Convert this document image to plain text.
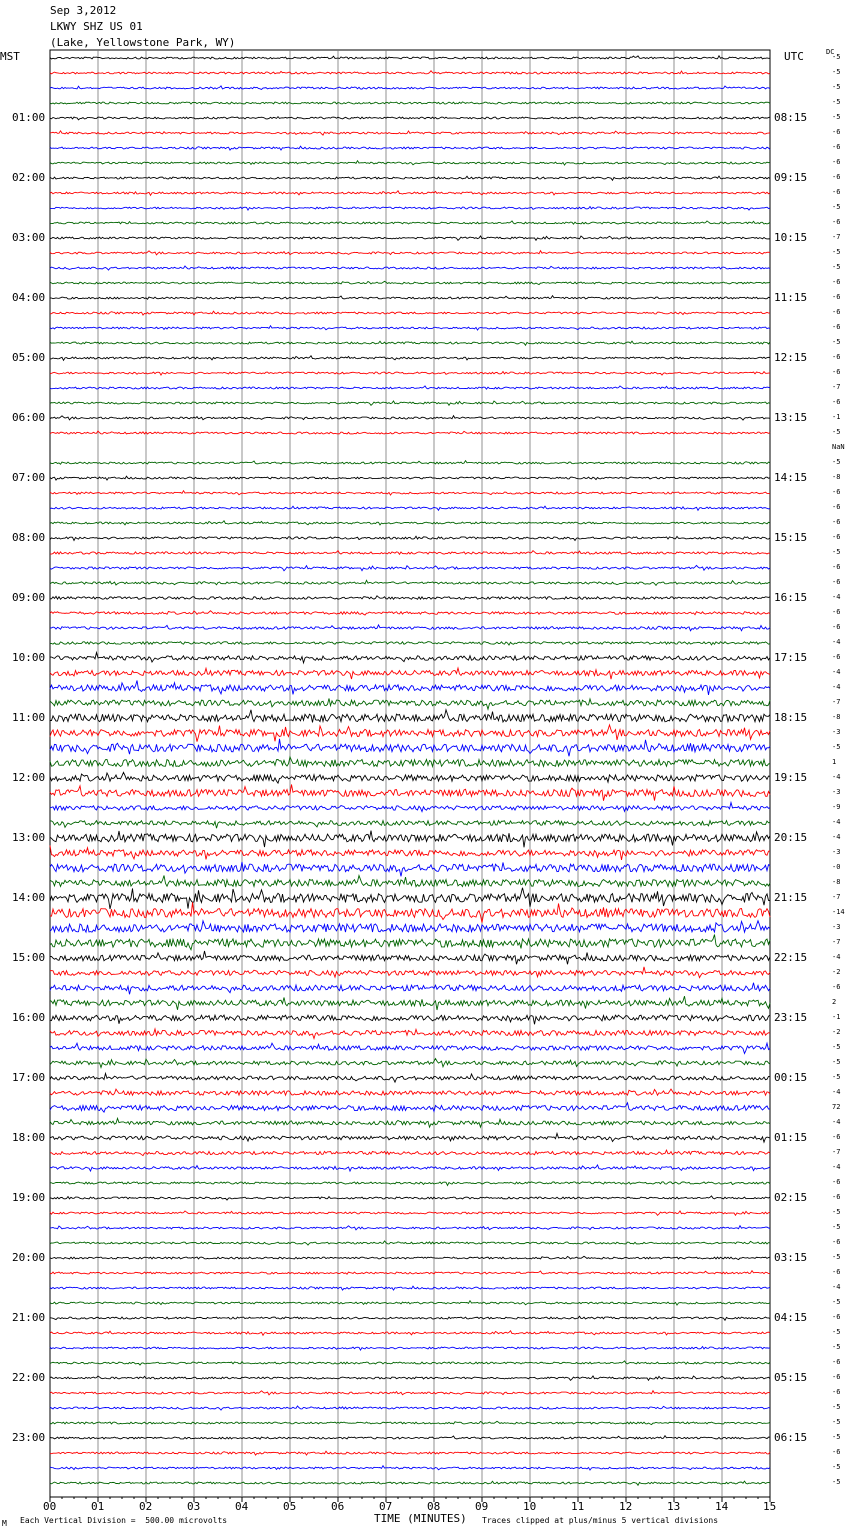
Sep 3,2012
LKWY SHZ US 01
(Lake, Yellowstone Park, WY)
MST	UTC	DC
01:00
02:00
03:00
04:00
05:00
06:00
07:00
08:00
09:00
10:00
11:00
12:00
13:00
14:00
15:00
16:00
17:00
18:00
19:00
20:00
21:00
22:00
23:00
08:15
09:15
10:15
11:15
12:15
13:15
14:15
15:15
16:15
17:15
18:15
19:15
20:15
21:15
22:15
23:15
00:15
01:15
02:15
03:15
04:15
05:15
06:15
-5
-5
-5
-5
-5
-6
-6
-6
-6
-6
-5
-6
-7
-5
-5
-6
-6
-6
-6
-5
-6
-6
-7
-6
-1
-5
NaN
-5
-8
-6
-6
-6
-6
-5
-6
-6
-4
-6
-6
-4
-6
-4
-4
-7
-8
-3
-5
1
-4
-3
-9
-4
-4
-3
-0
-8
-7
-14
-3
-7
-4
-2
-6
2
-1
-2
-5
-5
-5
-4
72
-4
-6
-7
-4
-6
-6
-5
-5
-6
-5
-6
-4
-5
-6
-5
-5
-6
-6
-6
-5
-5
-5
-6
-5
-5
00	01	02	03	04	05	06	07	08	09	10	11	12	13	14	15
TIME (MINUTES)
M Each Vertical Division =  500.00 microvolts	Traces clipped at plus/minus 5 vertical divisions
